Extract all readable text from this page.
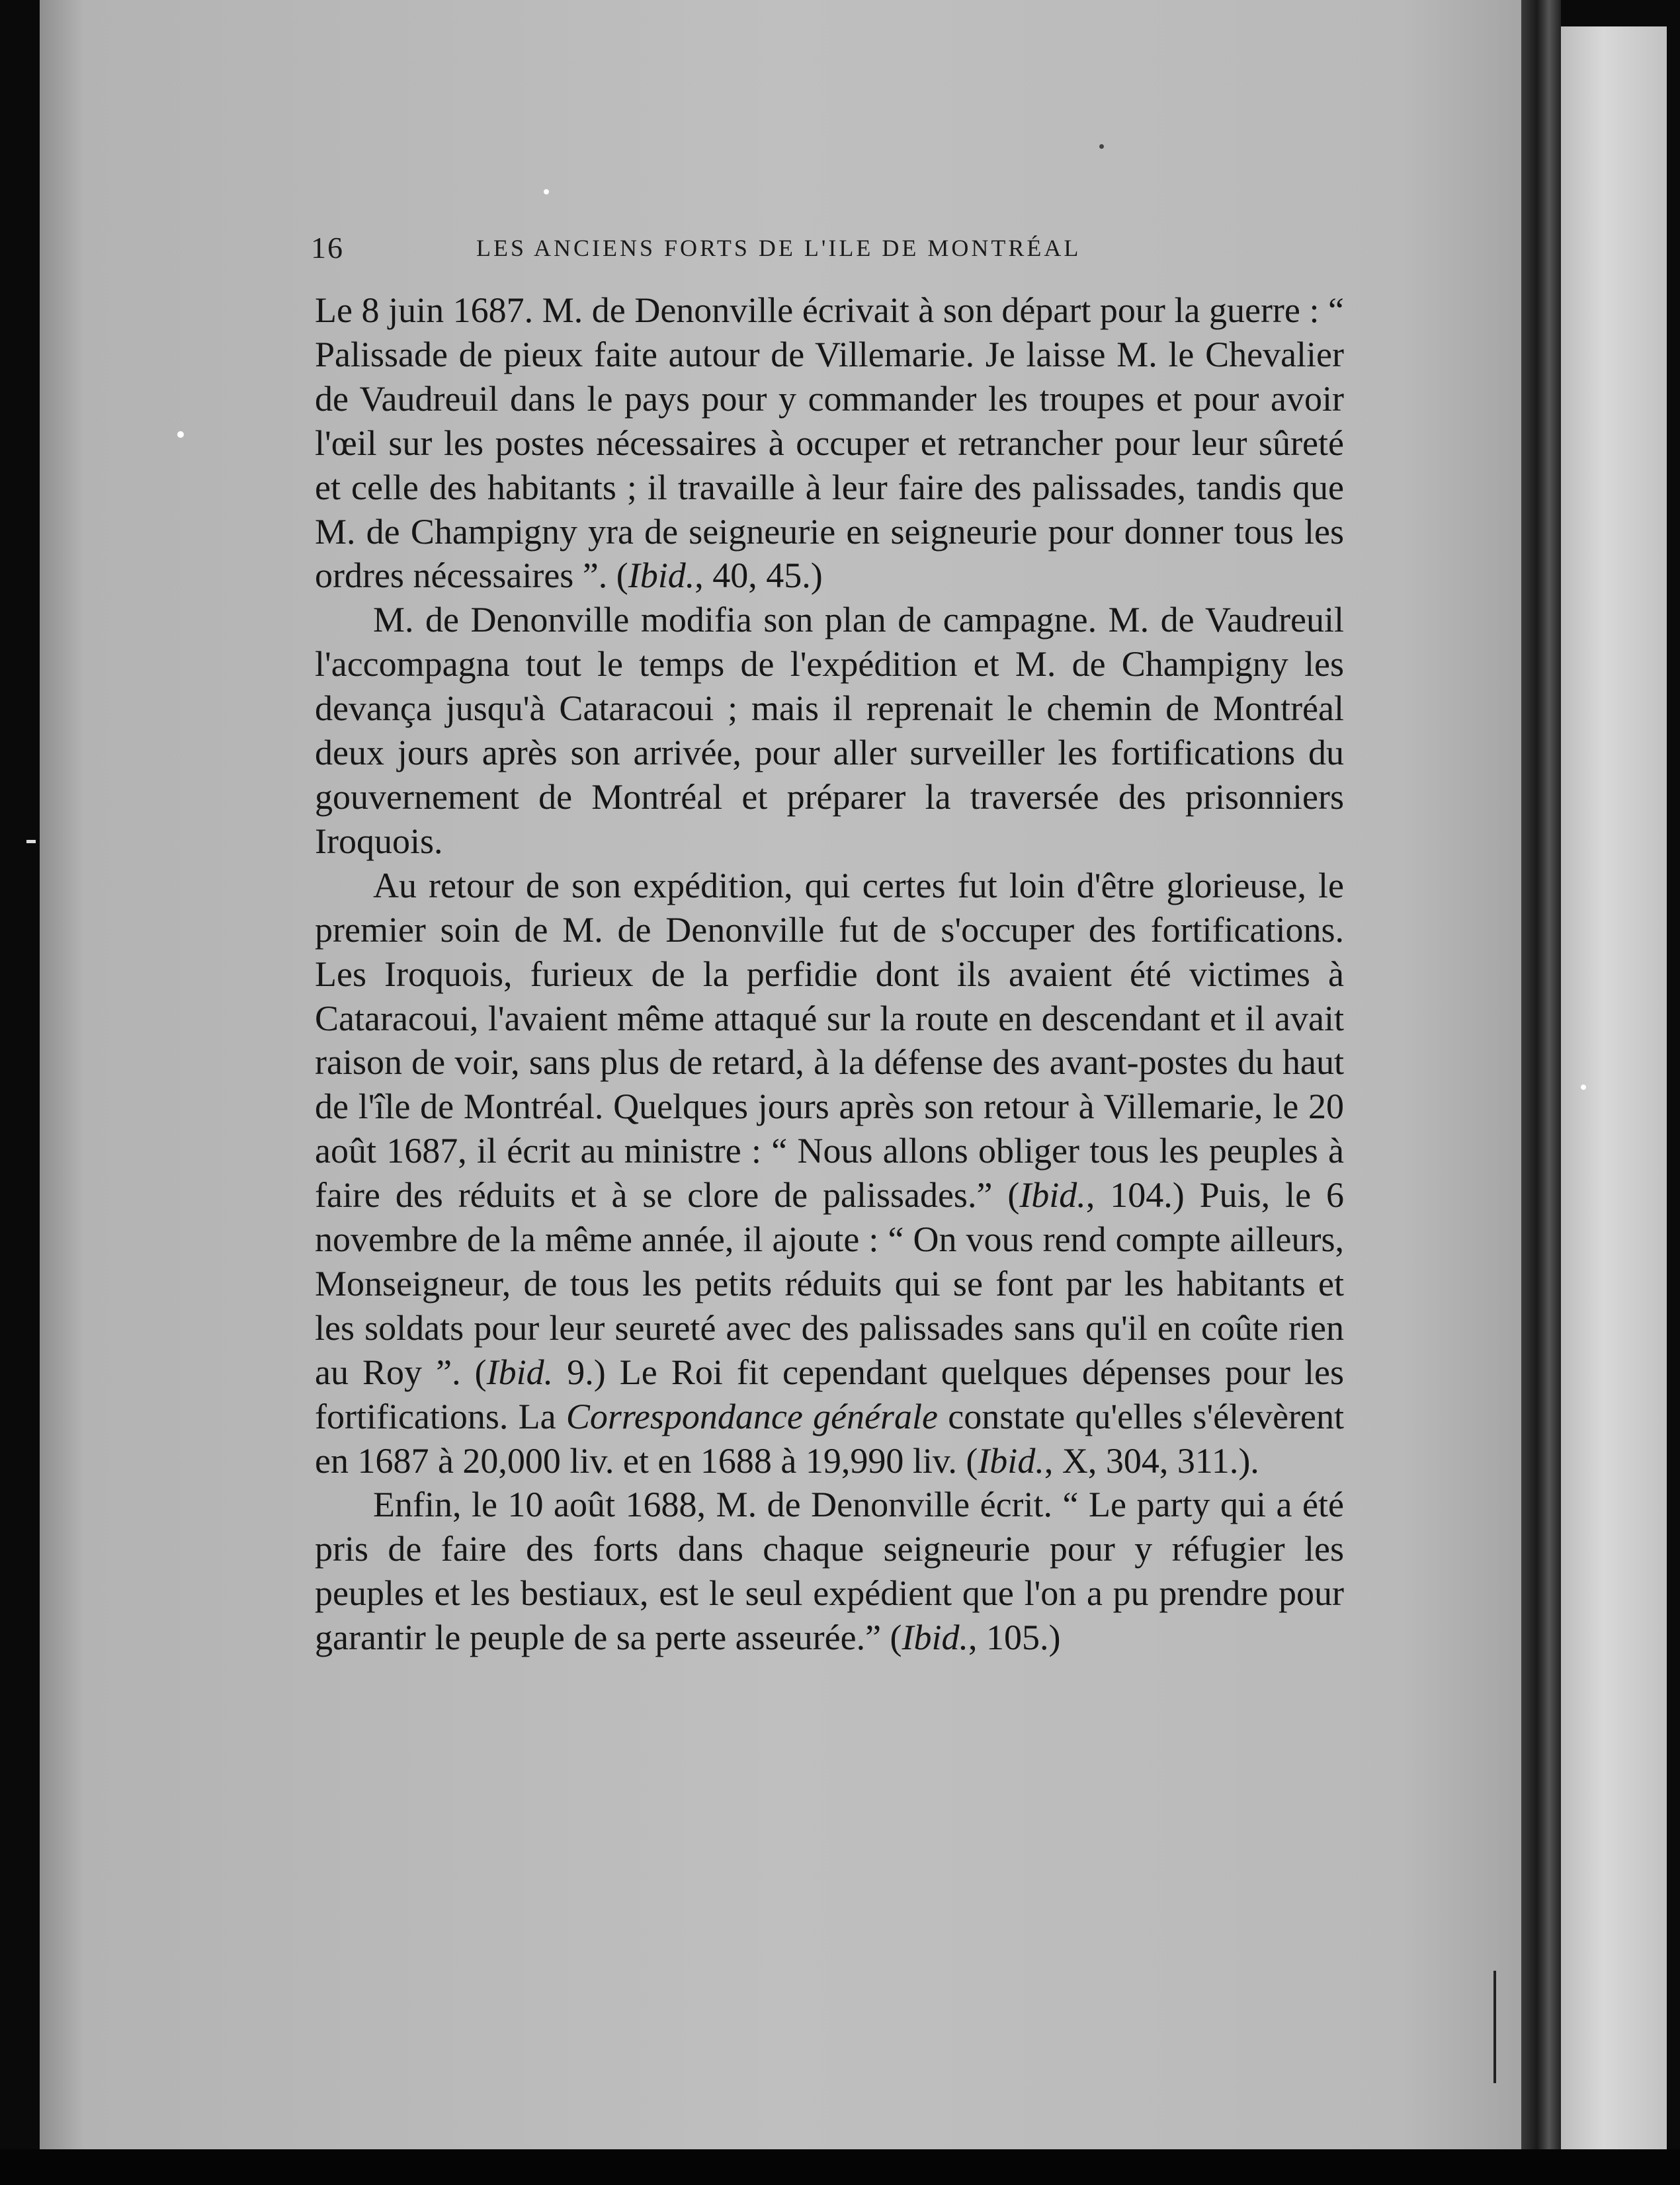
16	LES ANCIENS FORTS DE L'ILE DE MONTRÉAL

Le 8 juin 1687. M. de Denonville écrivait à son départ pour la guerre : “ Palissade de pieux faite autour de Villemarie. Je laisse M. le Chevalier de Vaudreuil dans le pays pour y commander les troupes et pour avoir l'œil sur les postes nécessaires à occuper et retrancher pour leur sûreté et celle des habitants ; il travaille à leur faire des palissades, tandis que M. de Champigny yra de seigneurie en seigneurie pour donner tous les ordres nécessaires ”. (Ibid., 40, 45.)

M. de Denonville modifia son plan de campagne. M. de Vaudreuil l'accompagna tout le temps de l'expédition et M. de Champigny les devança jusqu'à Cataracoui ; mais il reprenait le chemin de Montréal deux jours après son arrivée, pour aller surveiller les fortifications du gouvernement de Montréal et préparer la traversée des prisonniers Iroquois.

Au retour de son expédition, qui certes fut loin d'être glorieuse, le premier soin de M. de Denonville fut de s'occuper des fortifications. Les Iroquois, furieux de la perfidie dont ils avaient été victimes à Cataracoui, l'avaient même attaqué sur la route en descendant et il avait raison de voir, sans plus de retard, à la défense des avant-postes du haut de l'île de Montréal. Quelques jours après son retour à Villemarie, le 20 août 1687, il écrit au ministre : “ Nous allons obliger tous les peuples à faire des réduits et à se clore de palissades.” (Ibid., 104.) Puis, le 6 novembre de la même année, il ajoute : “ On vous rend compte ailleurs, Monseigneur, de tous les petits réduits qui se font par les habitants et les soldats pour leur seureté avec des palissades sans qu'il en coûte rien au Roy ”. (Ibid. 9.) Le Roi fit cependant quelques dépenses pour les fortifications. La Correspondance générale constate qu'elles s'élevèrent en 1687 à 20,000 liv. et en 1688 à 19,990 liv. (Ibid., X, 304, 311.).

Enfin, le 10 août 1688, M. de Denonville écrit. “ Le party qui a été pris de faire des forts dans chaque seigneurie pour y réfugier les peuples et les bestiaux, est le seul expédient que l'on a pu prendre pour garantir le peuple de sa perte asseurée.” (Ibid., 105.)
